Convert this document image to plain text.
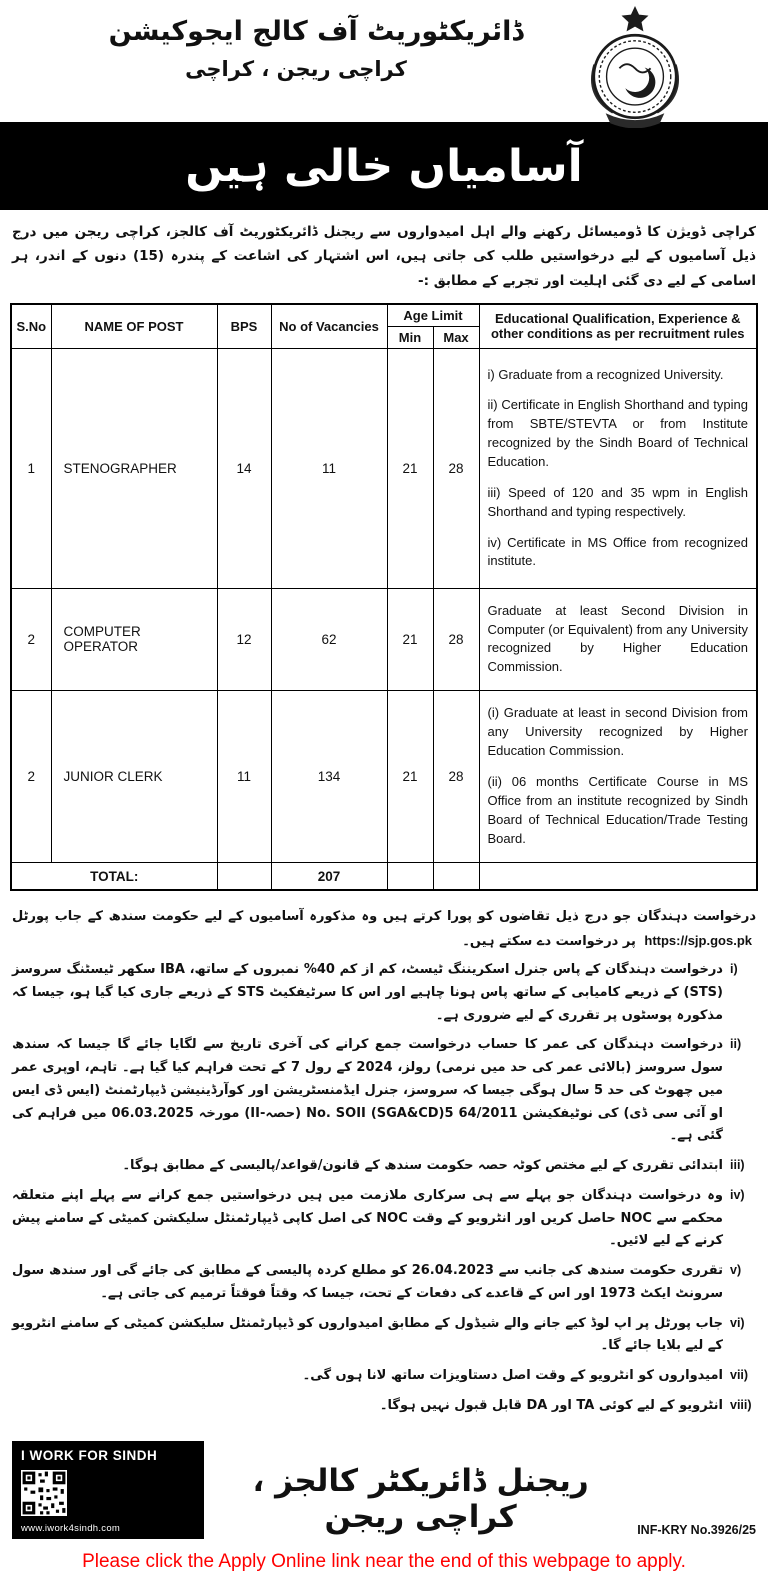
ڈائریکٹوریٹ آف کالج ایجوکیشن
کراچی ریجن ، کراچی
آسامیاں خالی ہیں

کراچی ڈویژن کا ڈومیسائل رکھنے والے اہل امیدواروں سے ریجنل ڈائریکٹوریٹ آف کالجز، کراچی ریجن میں درج ذیل آسامیوں کے لیے درخواستیں طلب کی جاتی ہیں، اس اشتہار کی اشاعت کے پندرہ (15) دنوں کے اندر، ہر اسامی کے لیے دی گئی اہلیت اور تجربے کے مطابق :-

S.No	NAME OF POST	BPS	No of Vacancies	Age Limit		Educational Qualification, Experience & other conditions as per recruitment rules
				Min	Max	
1	STENOGRAPHER	14	11	21	28	i) Graduate from a recognized University.

ii) Certificate in English Shorthand and typing from SBTE/STEVTA or from Institute recognized by the Sindh Board of Technical Education.

iii) Speed of 120 and 35 wpm in English Shorthand and typing respectively.

iv) Certificate in MS Office from recognized institute.

2	COMPUTER OPERATOR	12	62	21	28	Graduate at least Second Division in Computer (or Equivalent) from any University recognized by Higher Education Commission.

2	JUNIOR CLERK	11	134	21	28	(i) Graduate at least in second Division from any University recognized by Higher Education Commission.

(ii) 06 months Certificate Course in MS Office from an institute recognized by Sindh Board of Technical Education/Trade Testing Board.

TOTAL:			207			

درخواست دہندگان جو درج ذیل تقاضوں کو پورا کرتے ہیں وہ مذکورہ آسامیوں کے لیے حکومت سندھ کے جاب پورٹل https://sjp.gos.pk پر درخواست دے سکتے ہیں۔

i)
درخواست دہندگان کے پاس جنرل اسکریننگ ٹیسٹ، کم از کم 40% نمبروں کے ساتھ، IBA سکھر ٹیسٹنگ سروسز (STS) کے ذریعے کامیابی کے ساتھ پاس ہونا چاہیے اور اس کا سرٹیفکیٹ STS کے ذریعے جاری کیا گیا ہو، جیسا کہ مذکورہ پوسٹوں پر تقرری کے لیے ضروری ہے۔
ii)
درخواست دہندگان کی عمر کا حساب درخواست جمع کرانے کی آخری تاریخ سے لگایا جائے گا جیسا کہ سندھ سول سروسز (بالائی عمر کی حد میں نرمی) رولز، 2024 کے رول 7 کے تحت فراہم کیا گیا ہے۔ تاہم، اوپری عمر میں چھوٹ کی حد 5 سال ہوگی جیسا کہ سروسز، جنرل ایڈمنسٹریشن اور کوآرڈینیشن ڈیپارٹمنٹ (ایس ڈی ایس او آئی سی ڈی) کی نوٹیفکیشن No. SOII (SGA&CD)5 64/2011 (حصہ-II) مورخہ 06.03.2025 میں فراہم کی گئی ہے۔
iii)
ابتدائی تقرری کے لیے مختص کوٹہ حصہ حکومت سندھ کے قانون/قواعد/پالیسی کے مطابق ہوگا۔
iv)
وہ درخواست دہندگان جو پہلے سے ہی سرکاری ملازمت میں ہیں درخواستیں جمع کرانے سے پہلے اپنے متعلقہ محکمے سے NOC حاصل کریں اور انٹرویو کے وقت NOC کی اصل کاپی ڈیپارٹمنٹل سلیکشن کمیٹی کے سامنے پیش کرنے کے لیے لائیں۔
v)
تقرری حکومت سندھ کی جانب سے 26.04.2023 کو مطلع کردہ پالیسی کے مطابق کی جائے گی اور سندھ سول سرونٹ ایکٹ 1973 اور اس کے قاعدے کی دفعات کے تحت، جیسا کہ وقتاً فوقتاً ترمیم کی جاتی ہے۔
vi)
جاب پورٹل پر اپ لوڈ کیے جانے والے شیڈول کے مطابق امیدواروں کو ڈیپارٹمنٹل سلیکشن کمیٹی کے سامنے انٹرویو کے لیے بلایا جائے گا۔
vii)
امیدواروں کو انٹرویو کے وقت اصل دستاویزات ساتھ لانا ہوں گی۔
viii)
انٹرویو کے لیے کوئی TA اور DA قابل قبول نہیں ہوگا۔
I WORK FOR SINDH
www.iwork4sindh.com
ریجنل ڈائریکٹر کالجز ، کراچی ریجن	INF-KRY No.3926/25
Please click the Apply Online link near the end of this webpage to apply.
